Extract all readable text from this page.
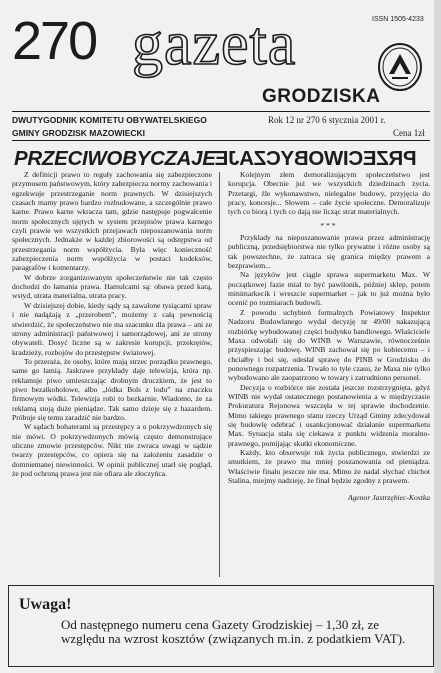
ISSN 1505-4233
270 gazeta
GRODZISKA
DWUTYGODNIK KOMITETU OBYWATELSKIEGO
GMINY GRODZISK MAZOWIECKI
Rok 12 nr 270 6 stycznia 2001 r.
Cena 1zł
PRZECIWOBYCZAJE PRZECIWOBYCZAJE

Z definicji prawo to reguły zachowania się zabezpieczone przymusem państwowym, który zabezpiecza normy zachowania i egzekwuje przestrzeganie norm prawnych. W dzisiejszych czasach mamy prawo bardzo rozbudowane, a szczególnie prawo karne. Prawo karne wkracza tam, gdzie następuje pogwałcenie norm społecznych ujętych w system przepisów prawa karnego czyli prawie we wszystkich przejawach nieposzanowania norm społecznych. Jednakże w każdej zbiorowości są odstępstwa od przestrzegania norm współżycia. Była więc konieczność zabezpieczenia norm współżycia w postaci kodeksów, paragrafów i komentarzy.

W dobrze zorganizowanym społeczeństwie nie tak często dochodzi do łamania prawa. Hamulcami są: obawa przed karą, wstyd, utrata materialna, utrata pracy.

W dzisiejszej dobie, kiedy sądy są zawalone tysiącami spraw i nie nadążają z „przerobem”, możemy z całą pewnością stwierdzić, że społeczeństwo nie ma szacunku dla prawa – ani ze strony administracji państwowej i samorządowej, ani ze strony obywateli. Dosyć liczne są w zakresie korupcji, przekrętów, kradzieży, rozbojów do przestępstw światowej.

To przeraża, że osoby, które mają strzec porządku prawnego, same go łamią. Jaskrawe przykłady daje telewizja, która np. reklamuje piwo umieszczając drobnym druczkiem, że jest to piwo bezalkoholowe, albo „lódka Bols z lodu” na znaczku firmowym wódki. Telewizja robi to bezkarnie. Wiadomo, że za reklamą stoją duże pieniądze. Tak samo dzieje się z hazardem. Próbuje się temu zaradzić nie bardzo.

W sądach bohaterami są przestępcy a o pokrzywdzonych się nie mówi. O pokrzywdzonych mówią często demonstrujące uliczne zmowie przestępców. Nikt nie zwraca uwagi w sądzie twarzy przestępców, co opiera się na założeniu zasadzie o domniemanej niewinności. W opinii publicznej utarł się pogląd, że pod ochroną prawa jest nie ofiara ale złoczyńca.

Kolejnym złem demoralizującym społeczeństwo jest korupcja. Obecnie już we wszystkich dziedzinach życia. Przetargi, źle wykonawstwo, nielegalne budowy, przyjęcia do pracy, koncesje... Słowem – całe życie społeczne. Demoralizuje tych co biorą i tych co dają nie licząc strat materialnych.

***

Przykłady na nieposzanowanie prawa przez administrację publiczną, przedsiębiorstwa nie tylko prywatne i różne osoby są tak powszechne, że zatraca się granica między prawem a bezprawiem...

Na języków jest ciągle sprawa supermarketu Max. W początkowej fazie miał to być pawilonik, później sklep, potem minimarkecik i wreszcie supermarket – jak to już można było ocenić po rozmiarach budowli.

Z powodu uchybień formalnych Powiatowy Inspektor Nadzoru Budowlanego wydał decyzję nr 49/00 nakazującą rozbiórkę wybudowanej części budynku handlowego. Właściciele Maxa odwołali się do WINB w Warszawie, równocześnie przyspieszając budowę. WINB zachował się po kobiecemu – i chciałby i boi się, odesłał sprawę do PINB w Grodzisku do ponownego rozpatrzenia. Trwało to tyle czasu, że Maxa nie tylko wybudowano ale zaopatrzono w towary i zatrudniono personel.

Decyzja o rozbiórce nie została jeszcze rozstrzygnięta, gdyż WINB nie wydał ostatecznego postanowienia a w międzyczasie Prokuratura Rejonowa wszczęła w tej sprawie dochodzenie. Mimo takiego prawnego stanu rzeczy Urząd Gminy zdecydował się budowlę odebrać i usankcjonować działanie supermarketu Max. Sytuacja stała się ciekawa z punktu widzenia moralno-prawnego, pomijając skutki ekonomiczne.

Każdy, kto obserwuje tok życia publicznego, stwierdzi ze smutkiem, że prawo ma mniej poszanowania od pieniądza. Właściwie finału jeszcze nie ma. Mimo że nadal słychać chichot Stalina, miejmy nadzieję, że finał będzie zgodny z prawem.

Agenor Jastrzębiec-Kostka

Uwaga!
Od następnego numeru cena Gazety Grodziskiej – 1,30 zł, ze względu na wzrost kosztów (związanych m.in. z podatkiem VAT).
